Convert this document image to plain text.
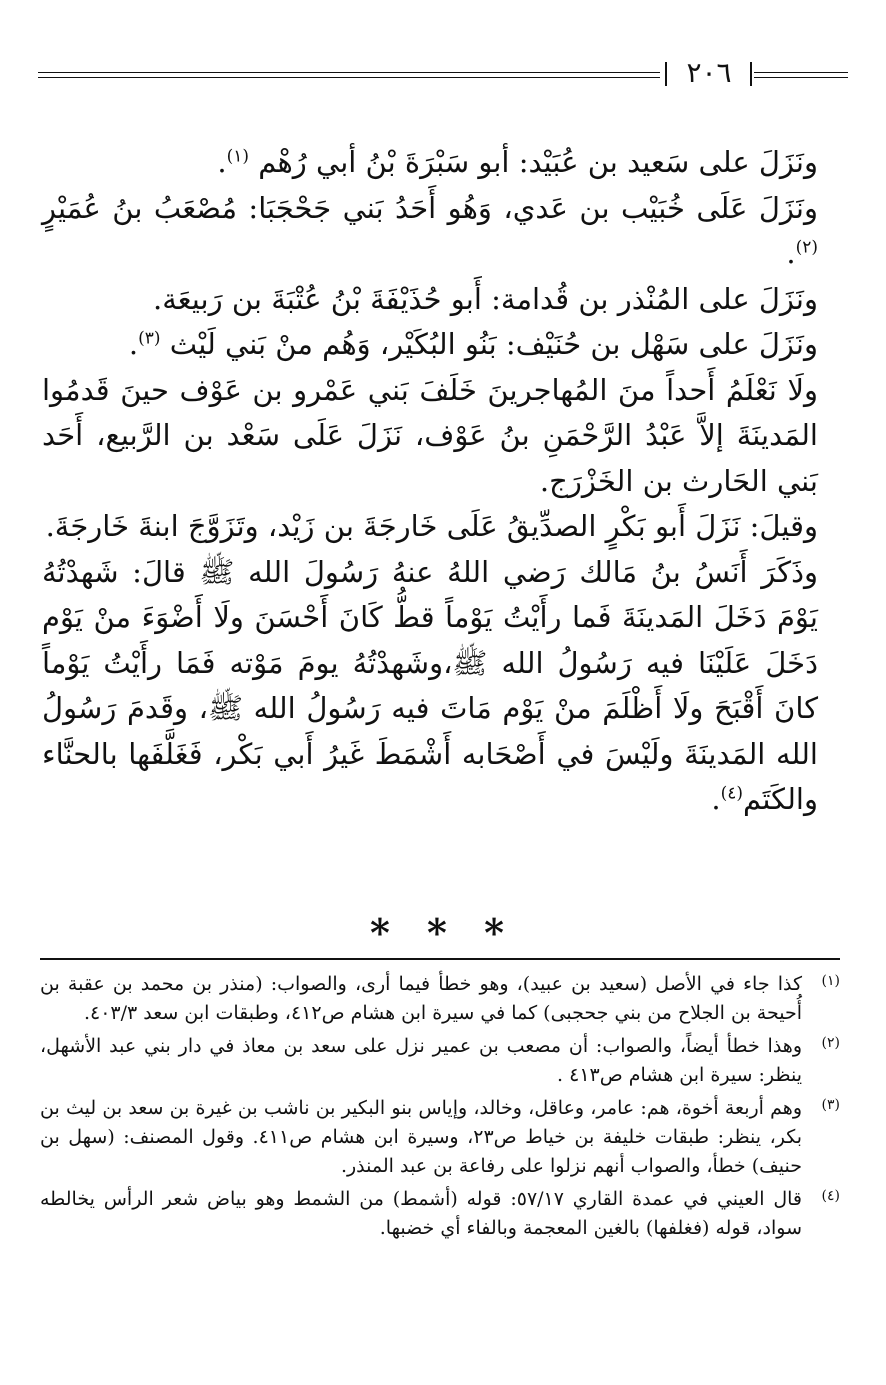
٢٠٦

ونَزَلَ على سَعيد بن عُبَيْد: أبو سَبْرَةَ بْنُ أبي رُهْم $^{(١)}$.

ونَزَلَ عَلَى خُبَيْب بن عَدي، وَهُو أَحَدُ بَني جَحْجَبَا: مُصْعَبُ بنُ عُمَيْرٍ $^{(٢)}$.

ونَزَلَ على المُنْذر بن قُدامة: أَبو حُذَيْفَةَ بْنُ عُتْبَةَ بن رَبيعَة.

ونَزَلَ على سَهْل بن حُنَيْف: بَنُو البُكَيْر، وَهُم منْ بَني لَيْث $^{(٣)}$.

ولَا نَعْلَمُ أَحداً منَ المُهاجرينَ خَلَفَ بَني عَمْرو بن عَوْف حينَ قَدمُوا المَدينَةَ إلاَّ عَبْدُ الرَّحْمَنِ بنُ عَوْف، نَزَلَ عَلَى سَعْد بن الرَّبيع، أَحَد بَني الحَارث بن الخَزْرَج.

وقيلَ: نَزَلَ أَبو بَكْرٍ الصدِّيقُ عَلَى خَارجَةَ بن زَيْد، وتَزَوَّجَ ابنةَ خَارجَةَ.

وذَكَرَ أَنَسُ بنُ مَالك رَضي اللهُ عنهُ رَسُولَ الله ﷺ قالَ: شَهدْتُهُ يَوْمَ دَخَلَ المَدينَةَ فَما رأَيْتُ يَوْماً قطُّ كَانَ أَحْسَنَ ولَا أَضْوَءَ منْ يَوْم دَخَلَ عَلَيْنَا فيه رَسُولُ الله ﷺ،وشَهدْتُهُ يومَ مَوْته فَمَا رأَيْتُ يَوْماً كانَ أَقْبَحَ ولَا أَظْلَمَ منْ يَوْم مَاتَ فيه رَسُولُ الله ﷺ، وقَدمَ رَسُولُ الله المَدينَةَ ولَيْسَ في أَصْحَابه أَشْمَطَ غَيرُ أَبي بَكْر، فَغَلَّفَها بالحنَّاء والكَتَم$^{(٤)}$.

* * *
(١)
كذا جاء في الأصل (سعيد بن عبيد)، وهو خطأ فيما أرى، والصواب: (منذر بن محمد بن عقبة بن أُحيحة بن الجلاح من بني جحجبى) كما في سيرة ابن هشام ص٤١٢، وطبقات ابن سعد ٤٠٣/٣.
(٢)
وهذا خطأ أيضاً، والصواب: أن مصعب بن عمير نزل على سعد بن معاذ في دار بني عبد الأشهل، ينظر: سيرة ابن هشام ص٤١٣ .
(٣)
وهم أربعة أخوة، هم: عامر، وعاقل، وخالد، وإياس بنو البكير بن ناشب بن غيرة بن سعد بن ليث بن بكر، ينظر: طبقات خليفة بن خياط ص٢٣، وسيرة ابن هشام ص٤١١. وقول المصنف: (سهل بن حنيف) خطأ، والصواب أنهم نزلوا على رفاعة بن عبد المنذر.
(٤)
قال العيني في عمدة القاري ٥٧/١٧: قوله (أشمط) من الشمط وهو بياض شعر الرأس يخالطه سواد، قوله (فغلفها) بالغين المعجمة وبالفاء أي خضبها.
